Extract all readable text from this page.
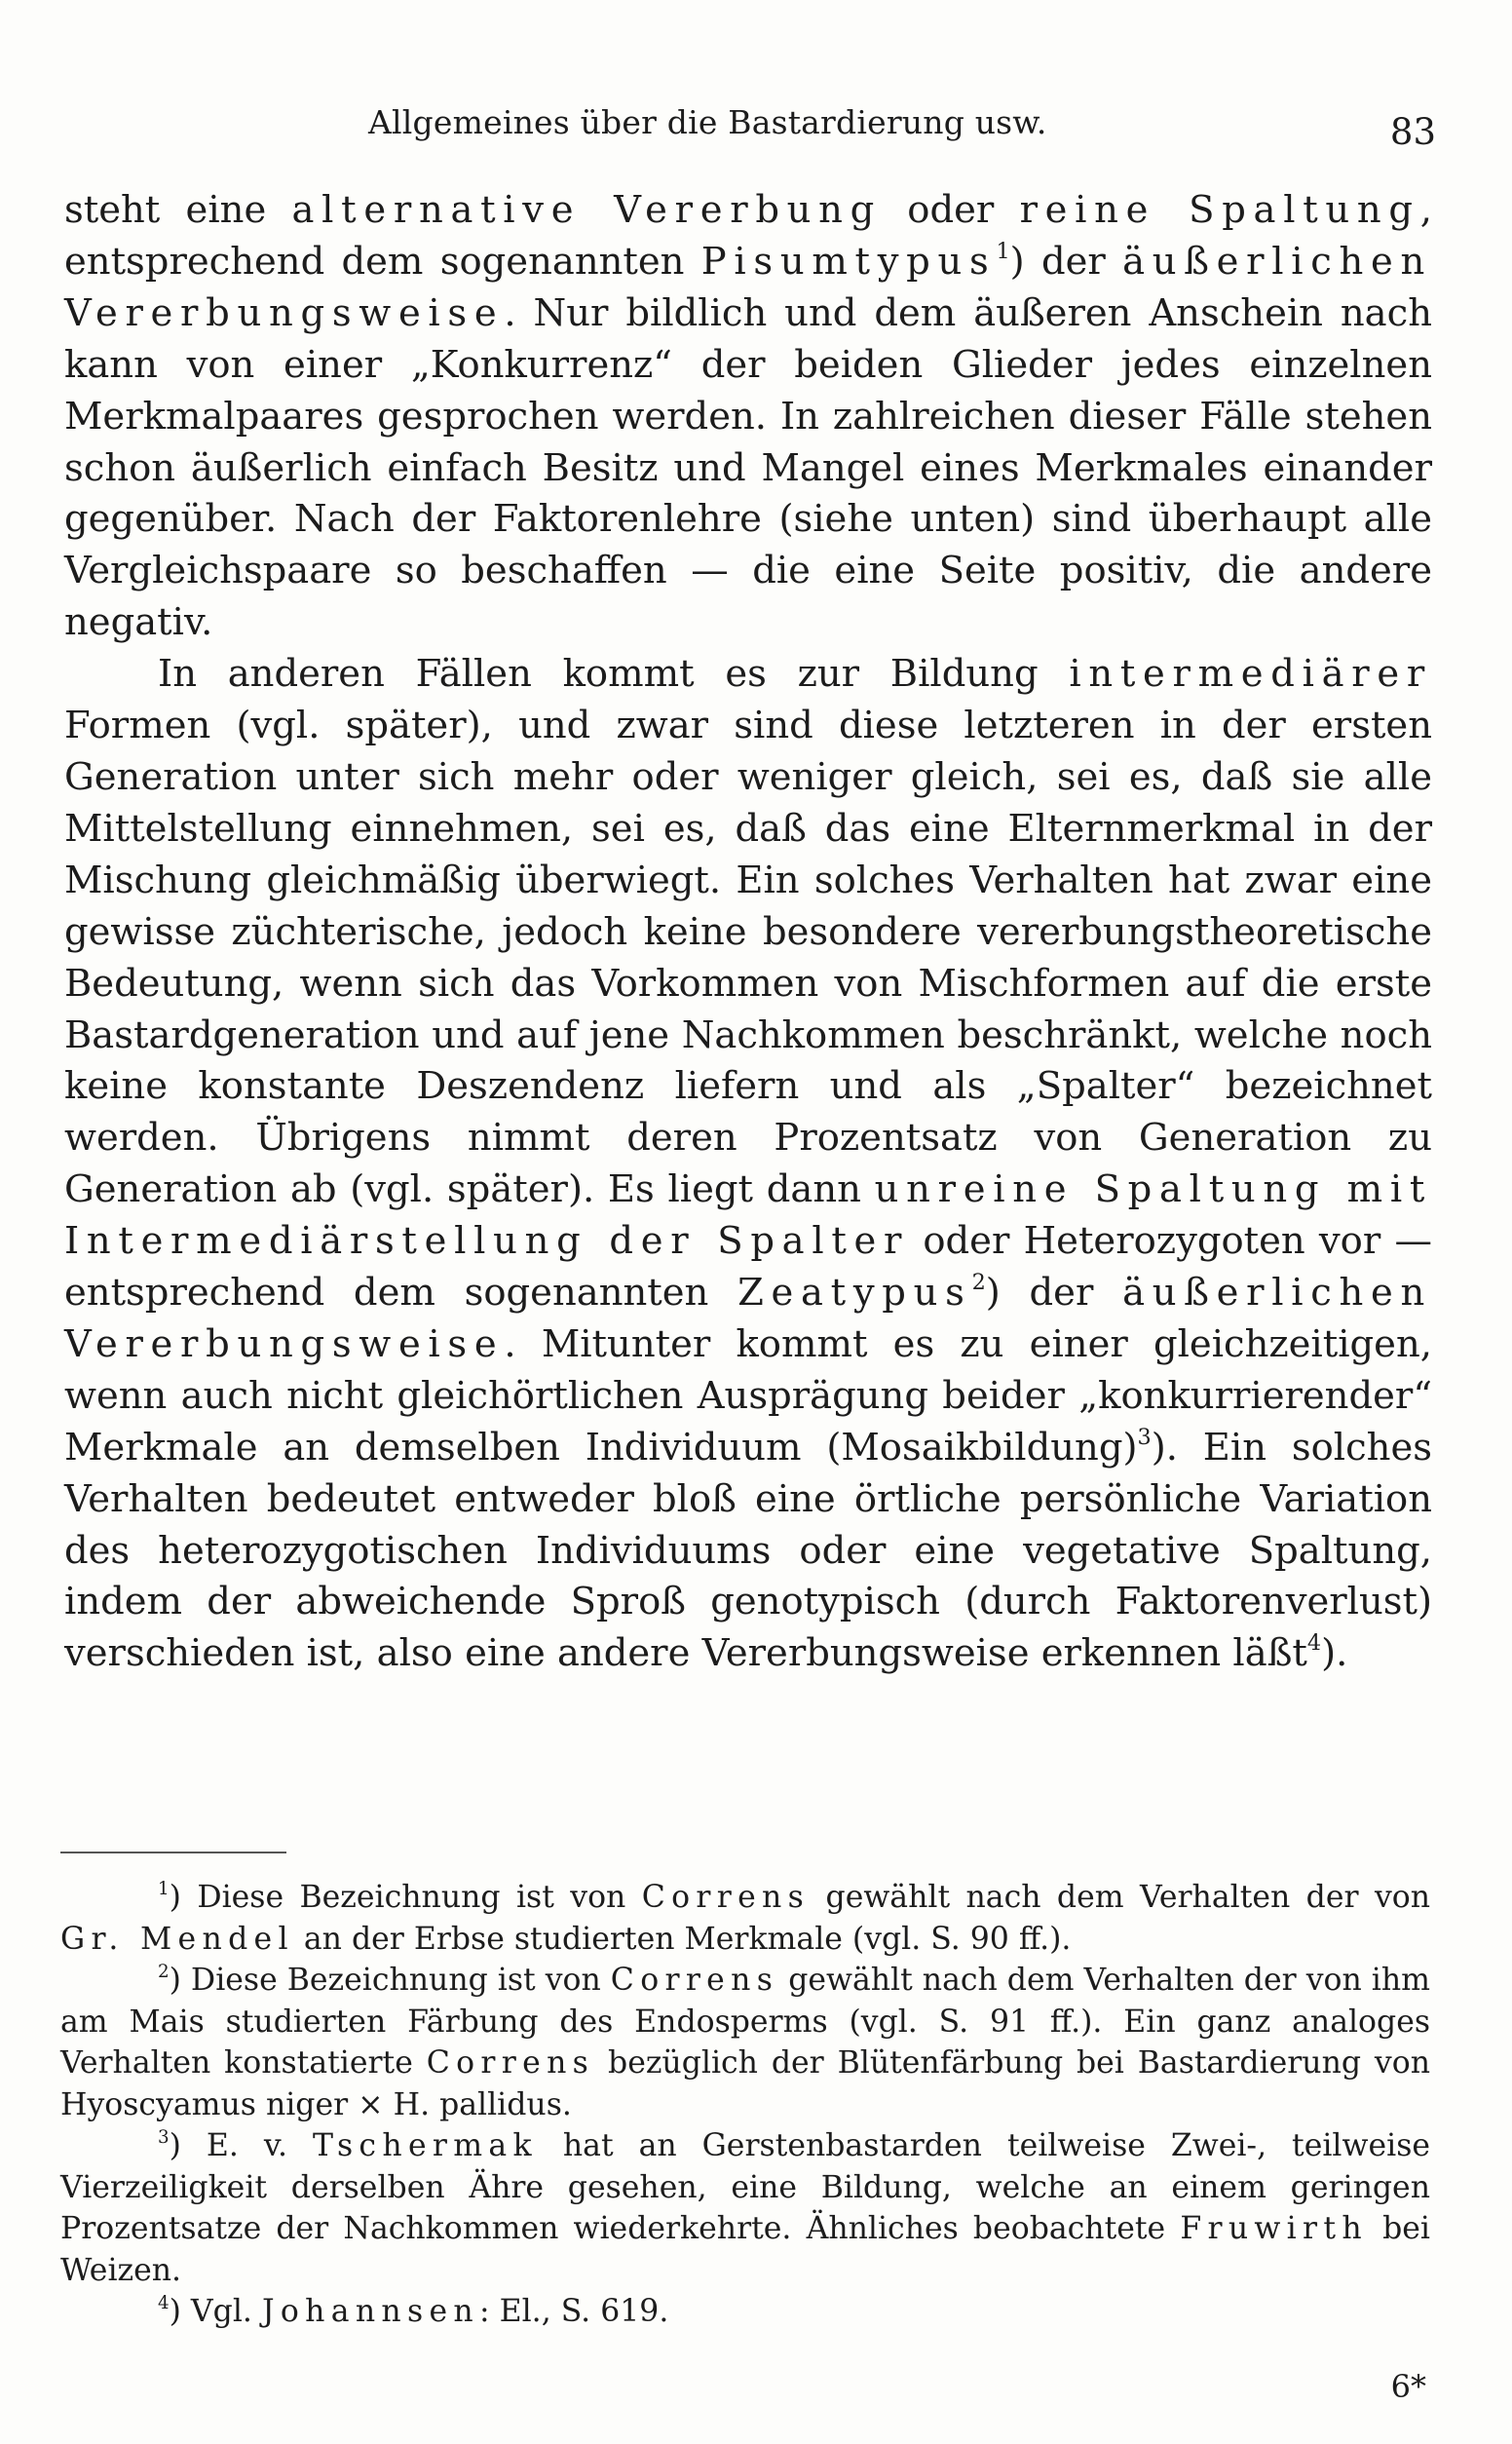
Allgemeines über die Bastardierung usw.	83

steht eine alternative Vererbung oder reine Spaltung, entsprechend dem sogenannten Pisumtypus$^1$) der äußerlichen Vererbungsweise. Nur bildlich und dem äußeren Anschein nach kann von einer „Konkurrenz“ der beiden Glieder jedes einzelnen Merkmalpaares gesprochen werden. In zahlreichen dieser Fälle stehen schon äußerlich einfach Besitz und Mangel eines Merkmales einander gegenüber. Nach der Faktorenlehre (siehe unten) sind überhaupt alle Vergleichspaare so beschaffen — die eine Seite positiv, die andere negativ.

In anderen Fällen kommt es zur Bildung intermediärer Formen (vgl. später), und zwar sind diese letzteren in der ersten Generation unter sich mehr oder weniger gleich, sei es, daß sie alle Mittelstellung einnehmen, sei es, daß das eine Elternmerkmal in der Mischung gleichmäßig überwiegt. Ein solches Verhalten hat zwar eine gewisse züchterische, jedoch keine besondere vererbungstheoretische Bedeutung, wenn sich das Vorkommen von Mischformen auf die erste Bastardgeneration und auf jene Nachkommen beschränkt, welche noch keine konstante Deszendenz liefern und als „Spalter“ bezeichnet werden. Übrigens nimmt deren Prozentsatz von Generation zu Generation ab (vgl. später). Es liegt dann unreine Spaltung mit Intermediärstellung der Spalter oder Heterozygoten vor — entsprechend dem sogenannten Zeatypus$^2$) der äußerlichen Vererbungsweise. Mitunter kommt es zu einer gleichzeitigen, wenn auch nicht gleichörtlichen Ausprägung beider „konkurrierender“ Merkmale an demselben Individuum (Mosaikbildung)$^3$). Ein solches Verhalten bedeutet entweder bloß eine örtliche persönliche Variation des heterozygotischen Individuums oder eine vegetative Spaltung, indem der abweichende Sproß genotypisch (durch Faktorenverlust) verschieden ist, also eine andere Vererbungsweise erkennen läßt$^4$).

$^1$) Diese Bezeichnung ist von Correns gewählt nach dem Verhalten der von Gr. Mendel an der Erbse studierten Merkmale (vgl. S. 90 ff.).

$^2$) Diese Bezeichnung ist von Correns gewählt nach dem Verhalten der von ihm am Mais studierten Färbung des Endosperms (vgl. S. 91 ff.). Ein ganz analoges Verhalten konstatierte Correns bezüglich der Blütenfärbung bei Bastardierung von Hyoscyamus niger × H. pallidus.

$^3$) E. v. Tschermak hat an Gerstenbastarden teilweise Zwei-, teilweise Vierzeiligkeit derselben Ähre gesehen, eine Bildung, welche an einem geringen Prozentsatze der Nachkommen wiederkehrte. Ähnliches beobachtete Fruwirth bei Weizen.

$^4$) Vgl. Johannsen: El., S. 619.

6*
